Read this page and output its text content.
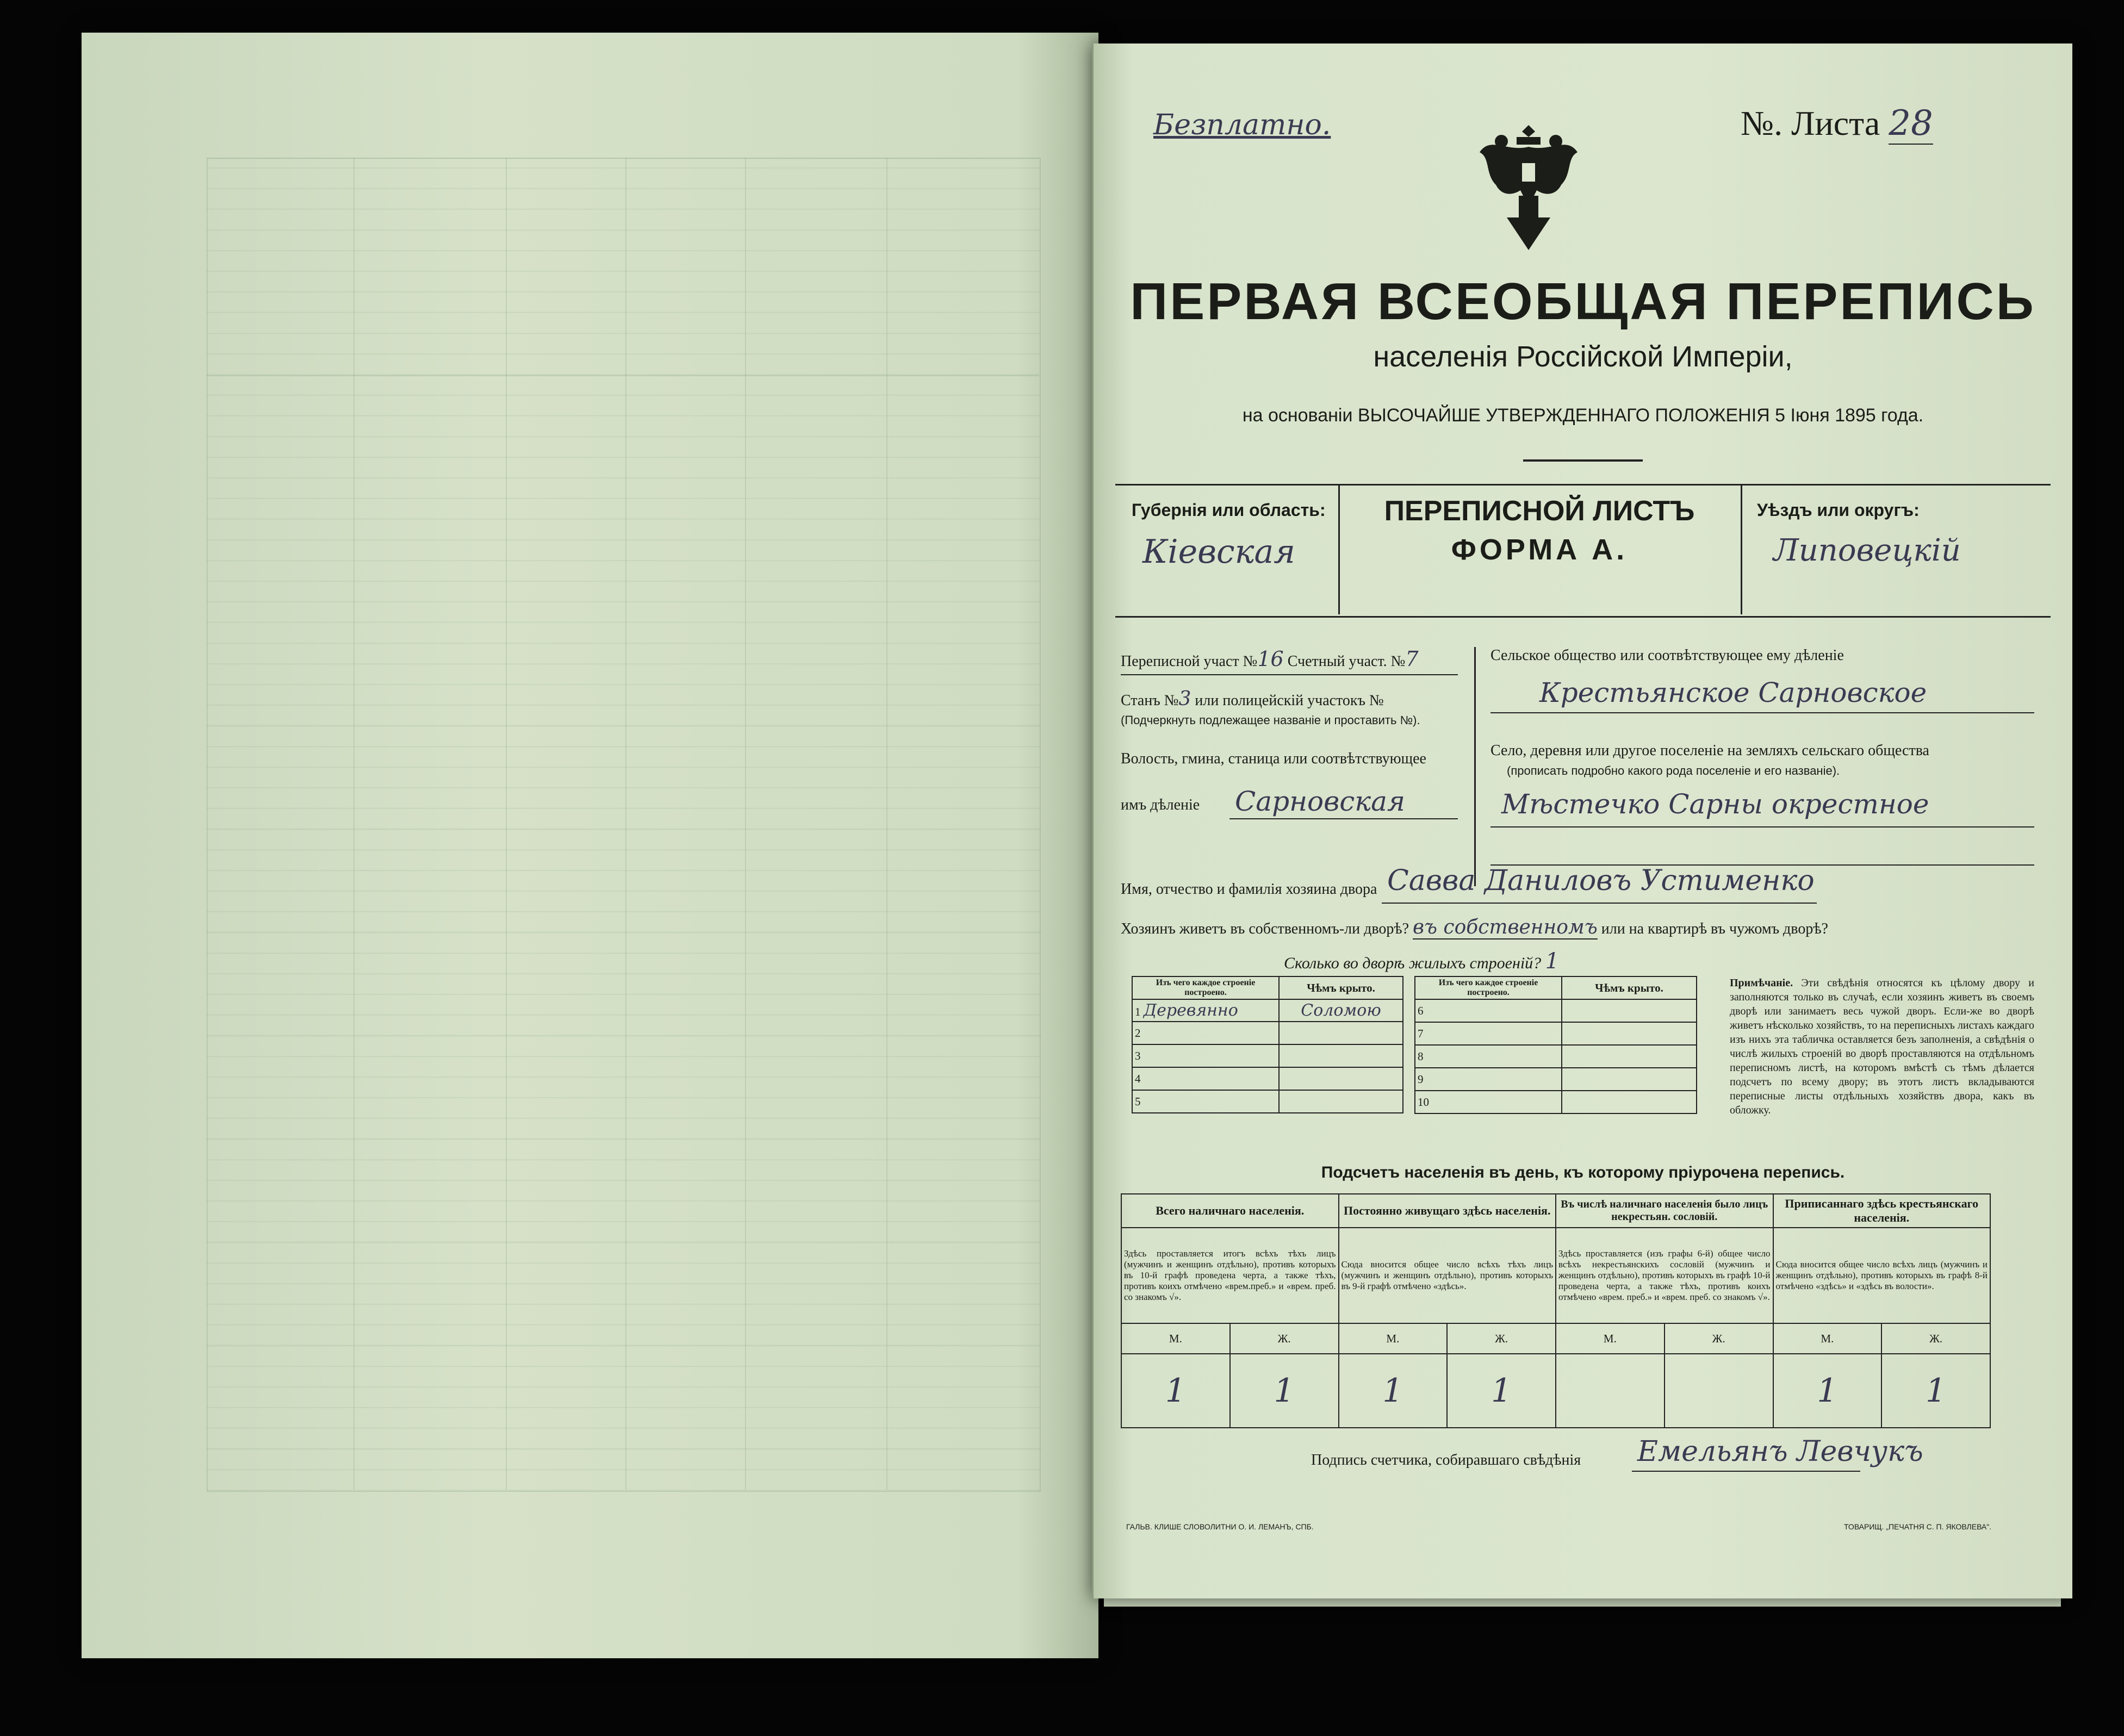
Безплатно.	№. Листа 28
ПЕРВАЯ ВСЕОБЩАЯ ПЕРЕПИСЬ
населенія Россійской Имперіи,
на основаніи ВЫСОЧАЙШЕ УТВЕРЖДЕННАГО ПОЛОЖЕНІЯ 5 Іюня 1895 года.
Губернія или область:
Кіевская
ПЕРЕПИСНОЙ ЛИСТЪ
ФОРМА А.
Уѣздъ или округъ:
Липовецкій
Переписной участ №16 Счетный участ. №7
Станъ №3 или полицейскій участокъ №
(Подчеркнуть подлежащее названіе и проставить №).
Волость, гмина, станица или соотвѣтствующее
имъ дѣленіе Сарновская
Сельское общество или соотвѣтствующее ему дѣленіе
Крестьянское Сарновское
Село, деревня или другое поселеніе на земляхъ сельскаго общества
(прописать подробно какого рода поселеніе и его названіе).
Мѣстечко Сарны окрестное
Имя, отчество и фамилія хозяина двора Савва Даниловъ Устименко
Хозяинъ живетъ въ собственномъ-ли дворѣ? въ собственномъ или на квартирѣ въ чужомъ дворѣ?
Сколько во дворѣ жилыхъ строеній? 1
Изъ чего каждое строеніе построено.	Чѣмъ крыто.
1 Деревянно	Соломою
2	
3	
4	
5	
Изъ чего каждое строеніе построено.	Чѣмъ крыто.
6	
7	
8	
9	
10	
Примѣчаніе. Эти свѣдѣнія относятся къ цѣлому двору и заполняются только въ случаѣ, если хозяинъ живетъ въ своемъ дворѣ или занимаетъ весь чужой дворъ. Если-же во дворѣ живетъ нѣсколько хозяйствъ, то на переписныхъ листахъ каждаго изъ нихъ эта табличка оставляется безъ заполненія, а свѣдѣнія о числѣ жилыхъ строеній во дворѣ проставляются на отдѣльномъ переписномъ листѣ, на которомъ вмѣстѣ съ тѣмъ дѣлается подсчетъ по всему двору; въ этотъ листъ вкладываются переписные листы отдѣльныхъ хозяйствъ двора, какъ въ обложку.
Подсчетъ населенія въ день, къ которому пріурочена перепись.
Всего наличнаго населенія.		Постоянно живущаго здѣсь населенія.		Въ числѣ наличнаго населенія было лицъ некрестьян. сословій.		Приписаннаго здѣсь крестьянскаго населенія.	
Здѣсь проставляется итогъ всѣхъ тѣхъ лицъ (мужчинъ и женщинъ отдѣльно), противъ которыхъ въ 10-й графѣ проведена черта, а также тѣхъ, противъ коихъ отмѣчено «врем.преб.» и «врем. преб. со знакомъ √».		Сюда вносится общее число всѣхъ тѣхъ лицъ (мужчинъ и женщинъ отдѣльно), противъ которыхъ въ 9-й графѣ отмѣчено «здѣсь».		Здѣсь проставляется (изъ графы 6-й) общее число всѣхъ некрестьянскихъ сословій (мужчинъ и женщинъ отдѣльно), противъ которыхъ въ графѣ 10-й проведена черта, а также тѣхъ, противъ коихъ отмѣчено «врем. преб.» и «врем. преб. со знакомъ √».		Сюда вносится общее число всѣхъ лицъ (мужчинъ и женщинъ отдѣльно), противъ которыхъ въ графѣ 8-й отмѣчено «здѣсь» и «здѣсь въ волости».	
М.	Ж.	М.	Ж.	М.	Ж.	М.	Ж.
1	1	1	1			1	1
Подпись счетчика, собиравшаго свѣдѣнія Емельянъ Левчукъ
ГАЛЬВ. КЛИШЕ СЛОВОЛИТНИ О. И. ЛЕМАНЪ, СПБ.	ТОВАРИЩ. „ПЕЧАТНЯ С. П. ЯКОВЛЕВА".
